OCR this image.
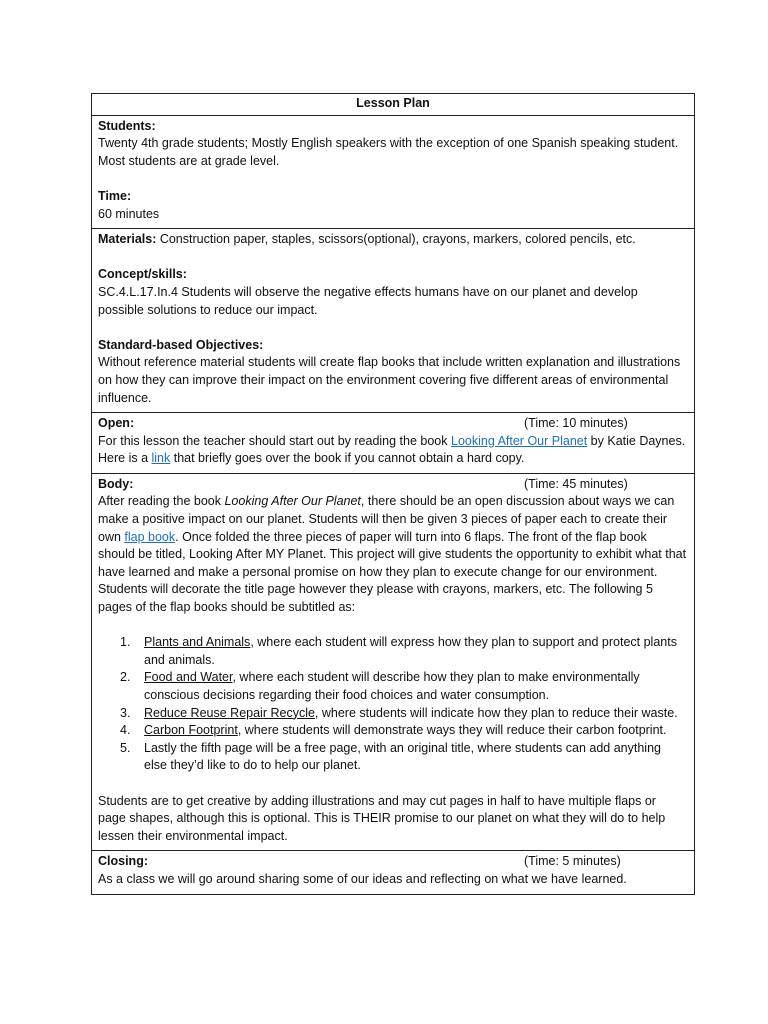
Lesson Plan

Students:

Twenty 4th grade students; Mostly English speakers with the exception of one Spanish speaking student. Most students are at grade level.

Time:

60 minutes

Materials: Construction paper, staples, scissors(optional), crayons, markers, colored pencils, etc.

Concept/skills:

SC.4.L.17.In.4 Students will observe the negative effects humans have on our planet and develop possible solutions to reduce our impact.

Standard-based Objectives:

Without reference material students will create flap books that include written explanation and illustrations on how they can improve their impact on the environment covering five different areas of environmental influence.

Open:	(Time: 10 minutes)

For this lesson the teacher should start out by reading the book Looking After Our Planet by Katie Daynes. Here is a link that briefly goes over the book if you cannot obtain a hard copy.

Body:	(Time: 45 minutes)

After reading the book Looking After Our Planet, there should be an open discussion about ways we can make a positive impact on our planet. Students will then be given 3 pieces of paper each to create their own flap book. Once folded the three pieces of paper will turn into 6 flaps. The front of the flap book should be titled, Looking After MY Planet. This project will give students the opportunity to exhibit what that have learned and make a personal promise on how they plan to execute change for our environment. Students will decorate the title page however they please with crayons, markers, etc. The following 5 pages of the flap books should be subtitled as:

1. Plants and Animals, where each student will express how they plan to support and protect plants and animals.
2. Food and Water, where each student will describe how they plan to make environmentally conscious decisions regarding their food choices and water consumption.
3. Reduce Reuse Repair Recycle, where students will indicate how they plan to reduce their waste.
4. Carbon Footprint, where students will demonstrate ways they will reduce their carbon footprint.
5. Lastly the fifth page will be a free page, with an original title, where students can add anything else they’d like to do to help our planet.

Students are to get creative by adding illustrations and may cut pages in half to have multiple flaps or page shapes, although this is optional. This is THEIR promise to our planet on what they will do to help lessen their environmental impact.

Closing:	(Time: 5 minutes)

As a class we will go around sharing some of our ideas and reflecting on what we have learned.
